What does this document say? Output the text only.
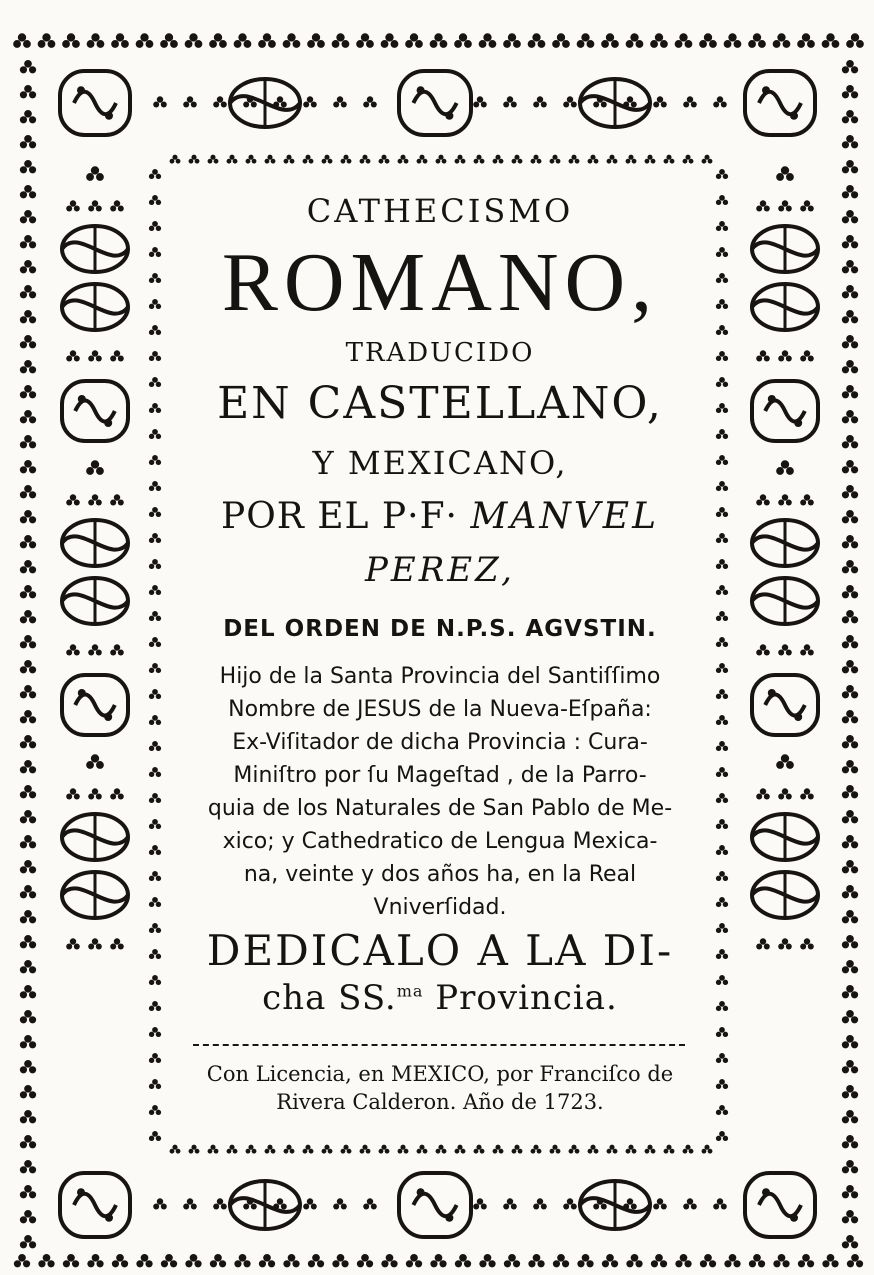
CATHECISMO
ROMANO,
TRADUCIDO
EN CASTELLANO,
Y MEXICANO,
POR EL P·F· MANVEL
PEREZ,
DEL ORDEN DE N.P.S. AGVSTIN.
Hijo de la Santa Provincia del Santiſſimo
Nombre de JESUS de la Nueva-Eſpaña:
Ex-Viſitador de dicha Provincia : Cura-
Miniſtro por ſu Mageſtad , de la Parro-
quia de los Naturales de San Pablo de Me-
xico; y Cathedratico de Lengua Mexica-
na, veinte y dos años ha, en la Real
Vniverſidad.
DEDICALO A LA DI-
cha SS.$^{ma}$ Provincia.
Con Licencia, en MEXICO, por Franciſco de
Rivera Calderon. Año de 1723.
